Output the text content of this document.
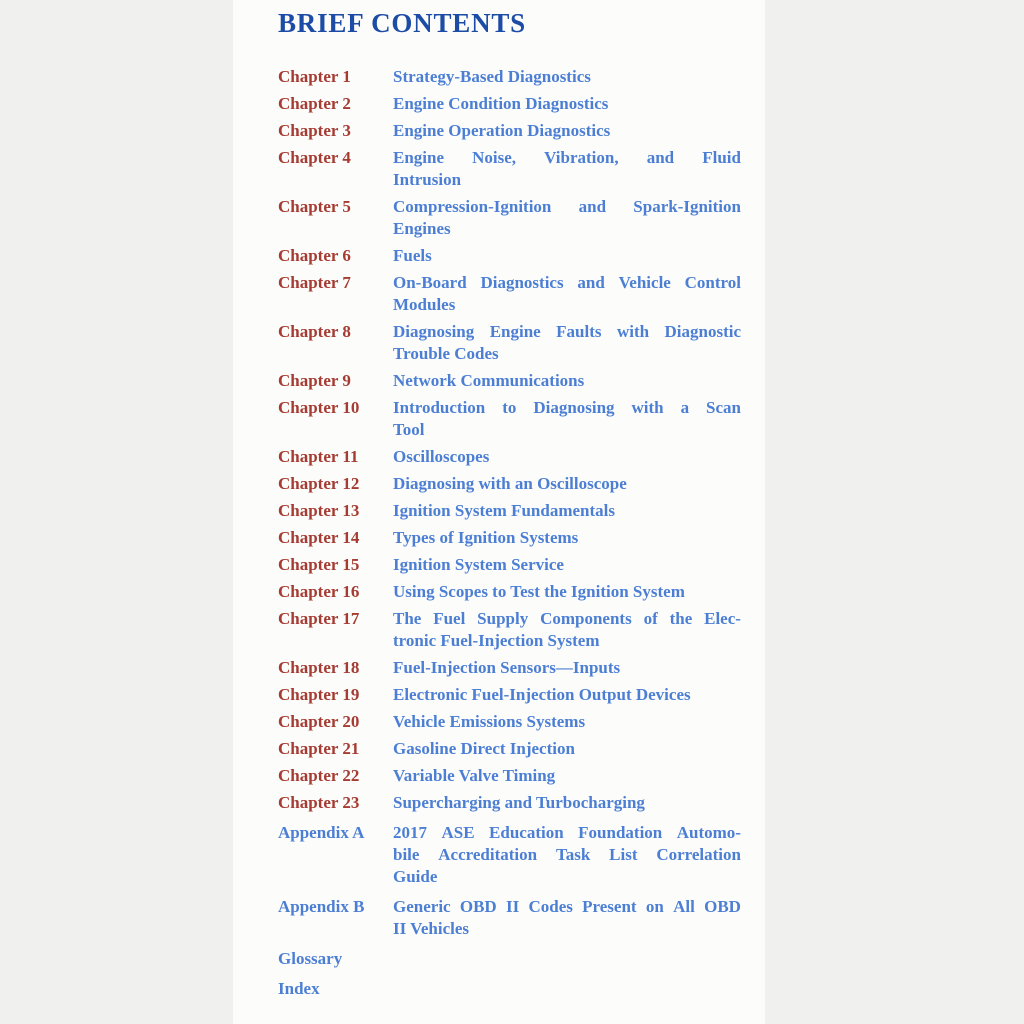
BRIEF CONTENTS
Chapter 1	Strategy-Based Diagnostics
Chapter 2	Engine Condition Diagnostics
Chapter 3	Engine Operation Diagnostics
Chapter 4	Engine Noise, Vibration, and Fluid
Intrusion
Chapter 5	Compression-Ignition and Spark-Ignition
Engines
Chapter 6	Fuels
Chapter 7	On-Board Diagnostics and Vehicle Control
Modules
Chapter 8	Diagnosing Engine Faults with Diagnostic
Trouble Codes
Chapter 9	Network Communications
Chapter 10	Introduction to Diagnosing with a Scan
Tool
Chapter 11	Oscilloscopes
Chapter 12	Diagnosing with an Oscilloscope
Chapter 13	Ignition System Fundamentals
Chapter 14	Types of Ignition Systems
Chapter 15	Ignition System Service
Chapter 16	Using Scopes to Test the Ignition System
Chapter 17	The Fuel Supply Components of the Elec-
tronic Fuel-Injection System
Chapter 18	Fuel-Injection Sensors—Inputs
Chapter 19	Electronic Fuel-Injection Output Devices
Chapter 20	Vehicle Emissions Systems
Chapter 21	Gasoline Direct Injection
Chapter 22	Variable Valve Timing
Chapter 23	Supercharging and Turbocharging
Appendix A	2017 ASE Education Foundation Automo-
bile Accreditation Task List Correlation
Guide
Appendix B	Generic OBD II Codes Present on All OBD
II Vehicles
Glossary
Index
